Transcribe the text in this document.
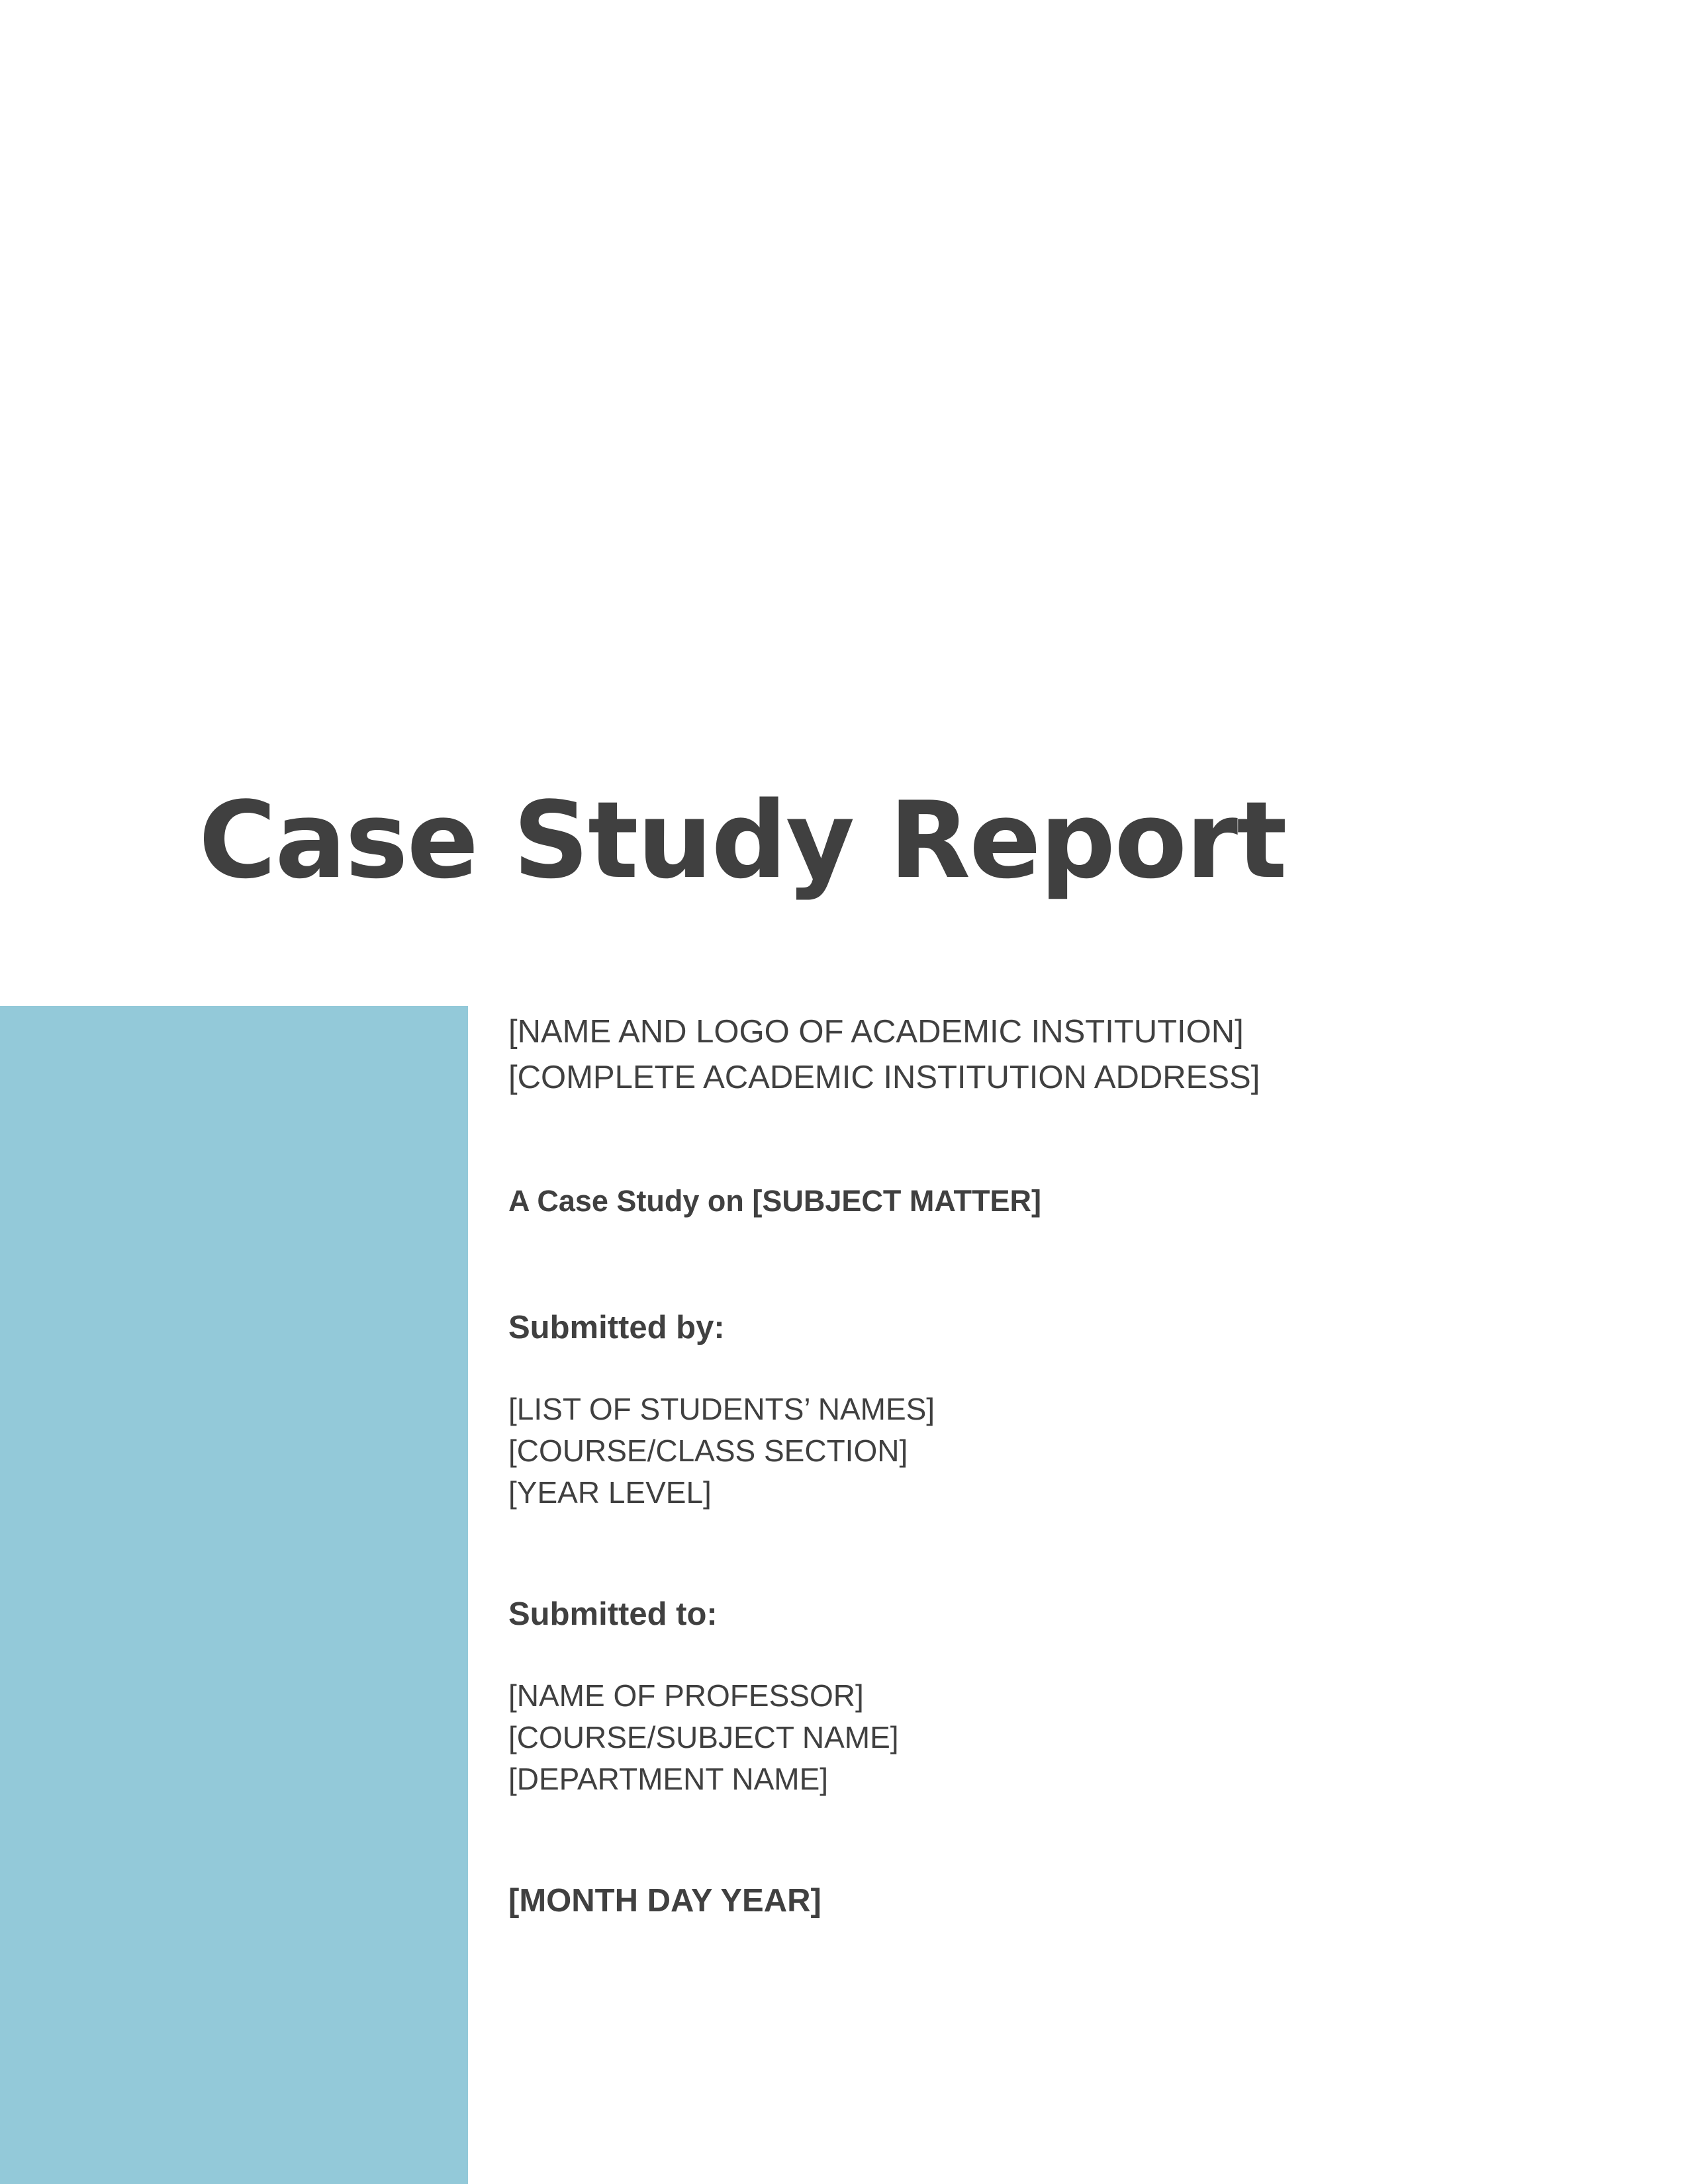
Case Study Report
[NAME AND LOGO OF ACADEMIC INSTITUTION]
[COMPLETE ACADEMIC INSTITUTION ADDRESS]
A Case Study on [SUBJECT MATTER]
Submitted by:
[LIST OF STUDENTS’ NAMES]
[COURSE/CLASS SECTION]
[YEAR LEVEL]
Submitted to:
[NAME OF PROFESSOR]
[COURSE/SUBJECT NAME]
[DEPARTMENT NAME]
[MONTH DAY YEAR]
